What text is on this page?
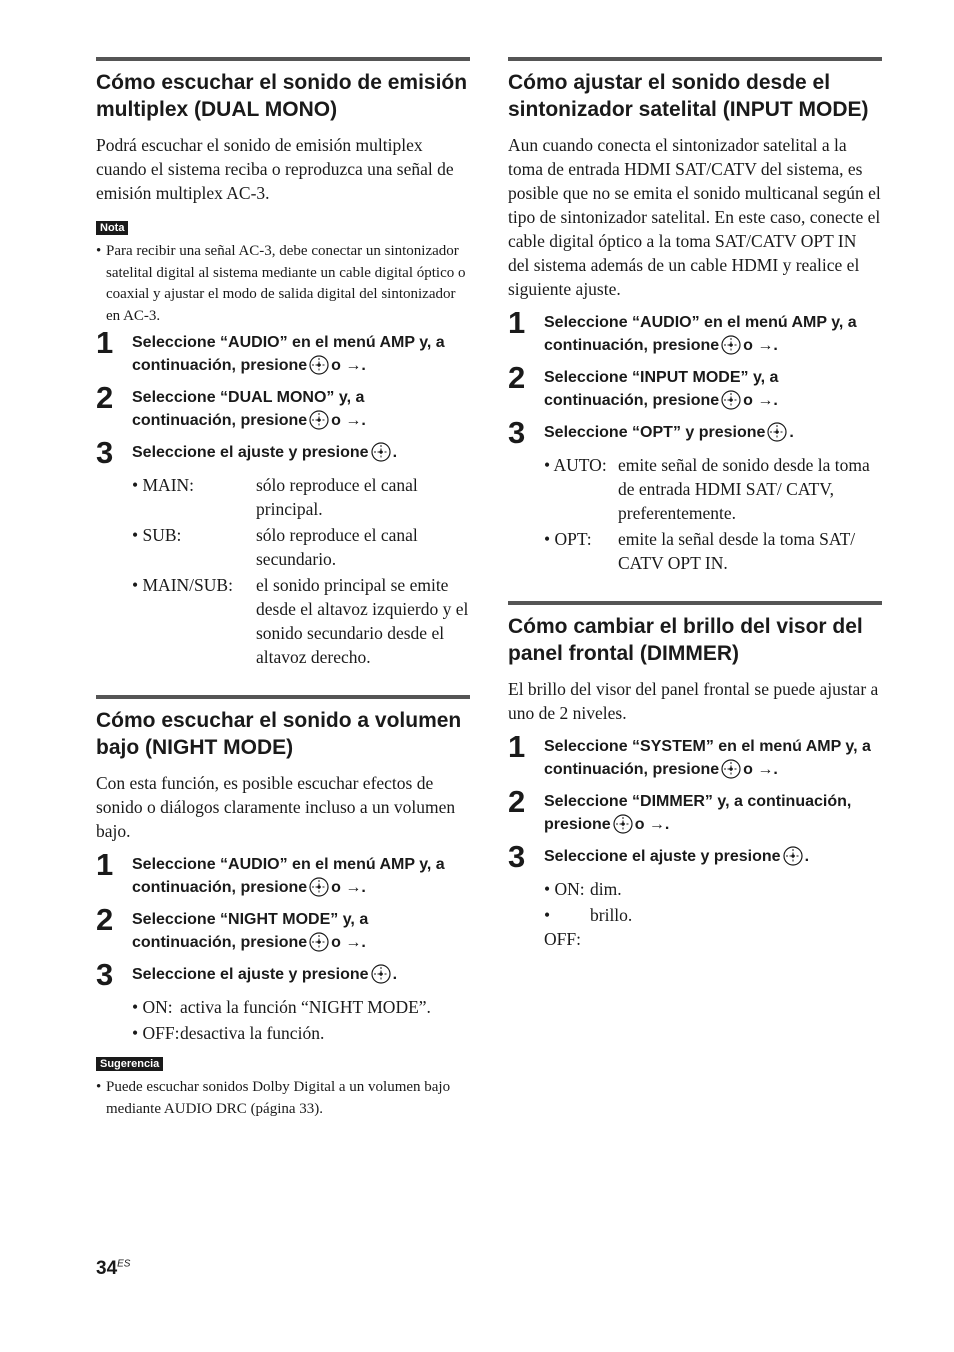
Cómo escuchar el sonido de emisión multiplex (DUAL MONO)

Podrá escuchar el sonido de emisión multiplex cuando el sistema reciba o reproduzca una señal de emisión multiplex AC-3.

Nota
• Para recibir una señal AC-3, debe conectar un sintonizador satelital digital al sistema mediante un cable digital óptico o coaxial y ajustar el modo de salida digital del sintonizador en AC-3.
1 Seleccione “AUDIO” en el menú AMP y, a continuación, presione o →.
2 Seleccione “DUAL MONO” y, a continuación, presione o →.
3 Seleccione el ajuste y presione .
• MAIN:	sólo reproduce el canal principal.
• SUB:	sólo reproduce el canal secundario.
• MAIN/SUB:	el sonido principal se emite desde el altavoz izquierdo y el sonido secundario desde el altavoz derecho.
Cómo escuchar el sonido a volumen bajo (NIGHT MODE)

Con esta función, es posible escuchar efectos de sonido o diálogos claramente incluso a un volumen bajo.

1 Seleccione “AUDIO” en el menú AMP y, a continuación, presione o →.
2 Seleccione “NIGHT MODE” y, a continuación, presione o →.
3 Seleccione el ajuste y presione .
• ON: activa la función “NIGHT MODE”.
• OFF: desactiva la función.
Sugerencia
• Puede escuchar sonidos Dolby Digital a un volumen bajo mediante AUDIO DRC (página 33).
Cómo ajustar el sonido desde el sintonizador satelital (INPUT MODE)

Aun cuando conecta el sintonizador satelital a la toma de entrada HDMI SAT/CATV del sistema, es posible que no se emita el sonido multicanal según el tipo de sintonizador satelital. En este caso, conecte el cable digital óptico a la toma SAT/CATV OPT IN del sistema además de un cable HDMI y realice el siguiente ajuste.

1 Seleccione “AUDIO” en el menú AMP y, a continuación, presione o →.
2 Seleccione “INPUT MODE” y, a continuación, presione o →.
3 Seleccione “OPT” y presione .
• AUTO: emite señal de sonido desde la toma de entrada HDMI SAT/ CATV, preferentemente.
• OPT:	emite la señal desde la toma SAT/ CATV OPT IN.
Cómo cambiar el brillo del visor del panel frontal (DIMMER)

El brillo del visor del panel frontal se puede ajustar a uno de 2 niveles.

1 Seleccione “SYSTEM” en el menú AMP y, a continuación, presione o →.
2 Seleccione “DIMMER” y, a continuación, presione o →.
3 Seleccione el ajuste y presione .
• ON: dim.
• OFF:
brillo.
$34^{ES}$
